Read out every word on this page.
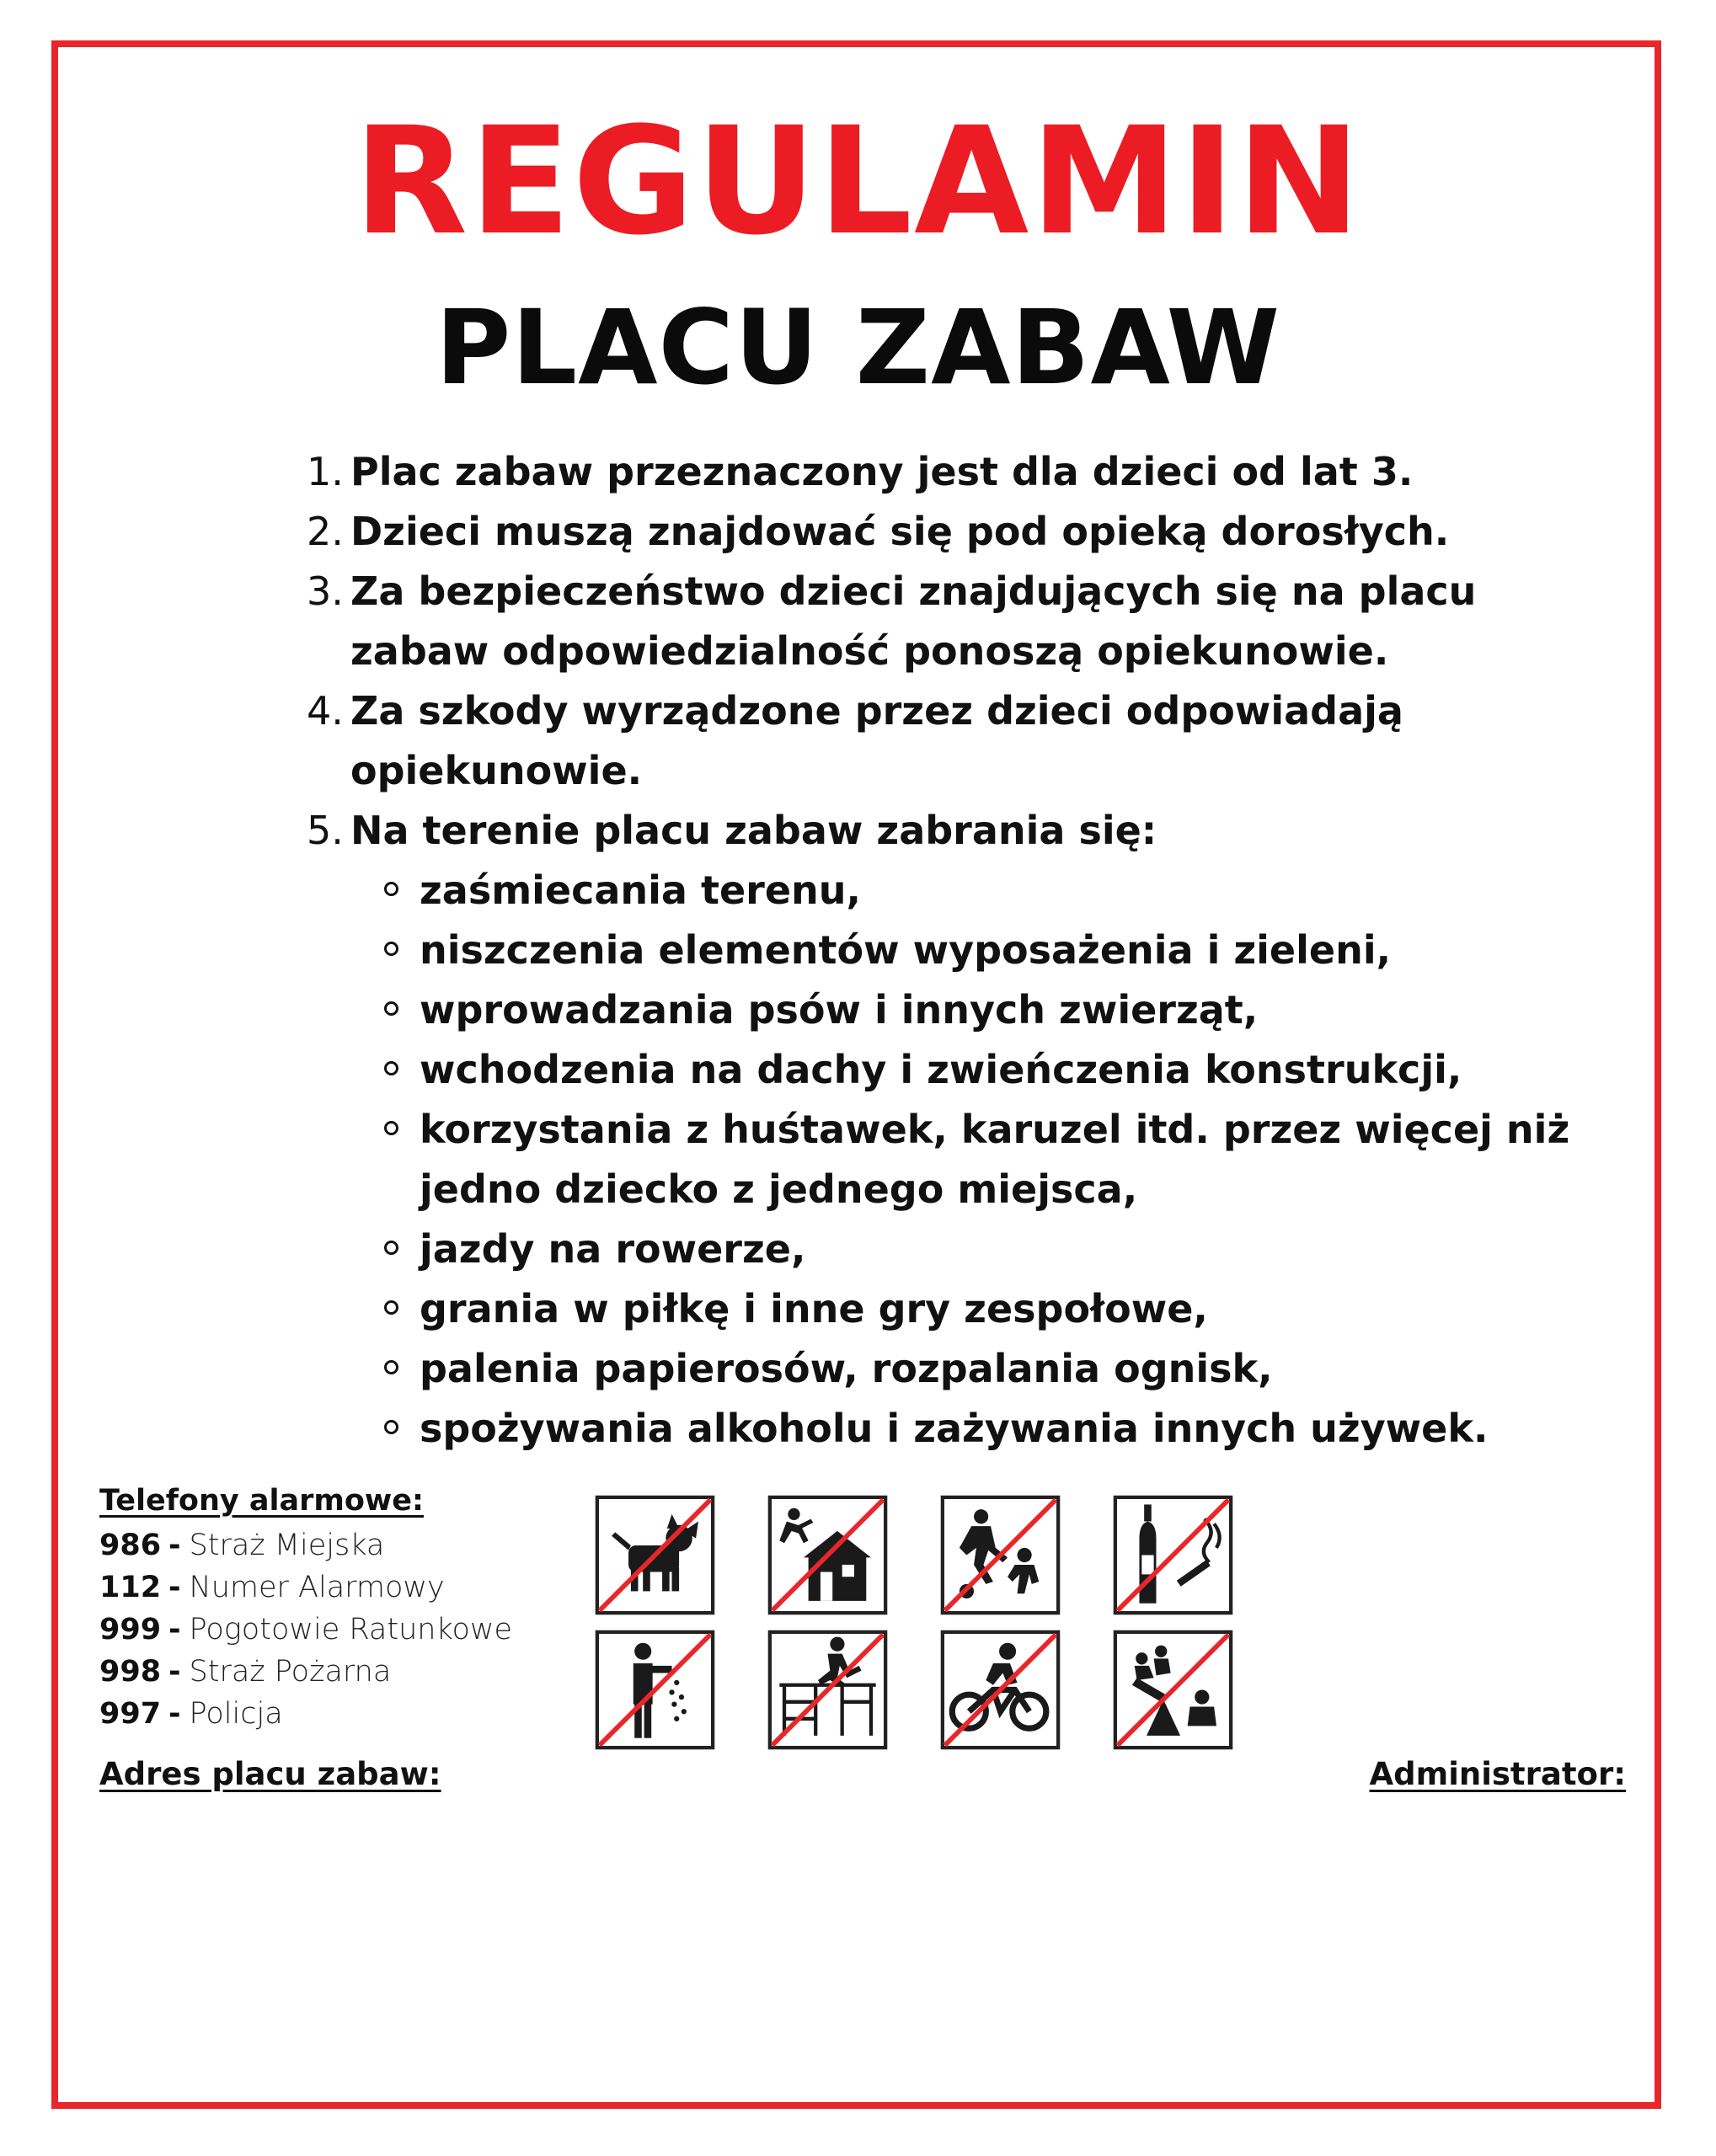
REGULAMIN
PLACU ZABAW
1. Plac zabaw przeznaczony jest dla dzieci od lat 3.
2. Dzieci muszą znajdować się pod opieką dorosłych.
3. Za bezpieczeństwo dzieci znajdujących się na placu zabaw odpowiedzialność ponoszą opiekunowie.
4. Za szkody wyrządzone przez dzieci odpowiadają opiekunowie.
5. Na terenie placu zabaw zabrania się:
zaśmiecania terenu,
niszczenia elementów wyposażenia i zieleni,
wprowadzania psów i innych zwierząt,
wchodzenia na dachy i zwieńczenia konstrukcji,
korzystania z huśtawek, karuzel itd. przez więcej niż jedno dziecko z jednego miejsca,
jazdy na rowerze,
grania w piłkę i inne gry zespołowe,
palenia papierosów, rozpalania ognisk,
spożywania alkoholu i zażywania innych używek.
Telefony alarmowe:
986 - Straż Miejska
112 - Numer Alarmowy
999 - Pogotowie Ratunkowe
998 - Straż Pożarna
997 - Policja
Adres placu zabaw:	Administrator:
